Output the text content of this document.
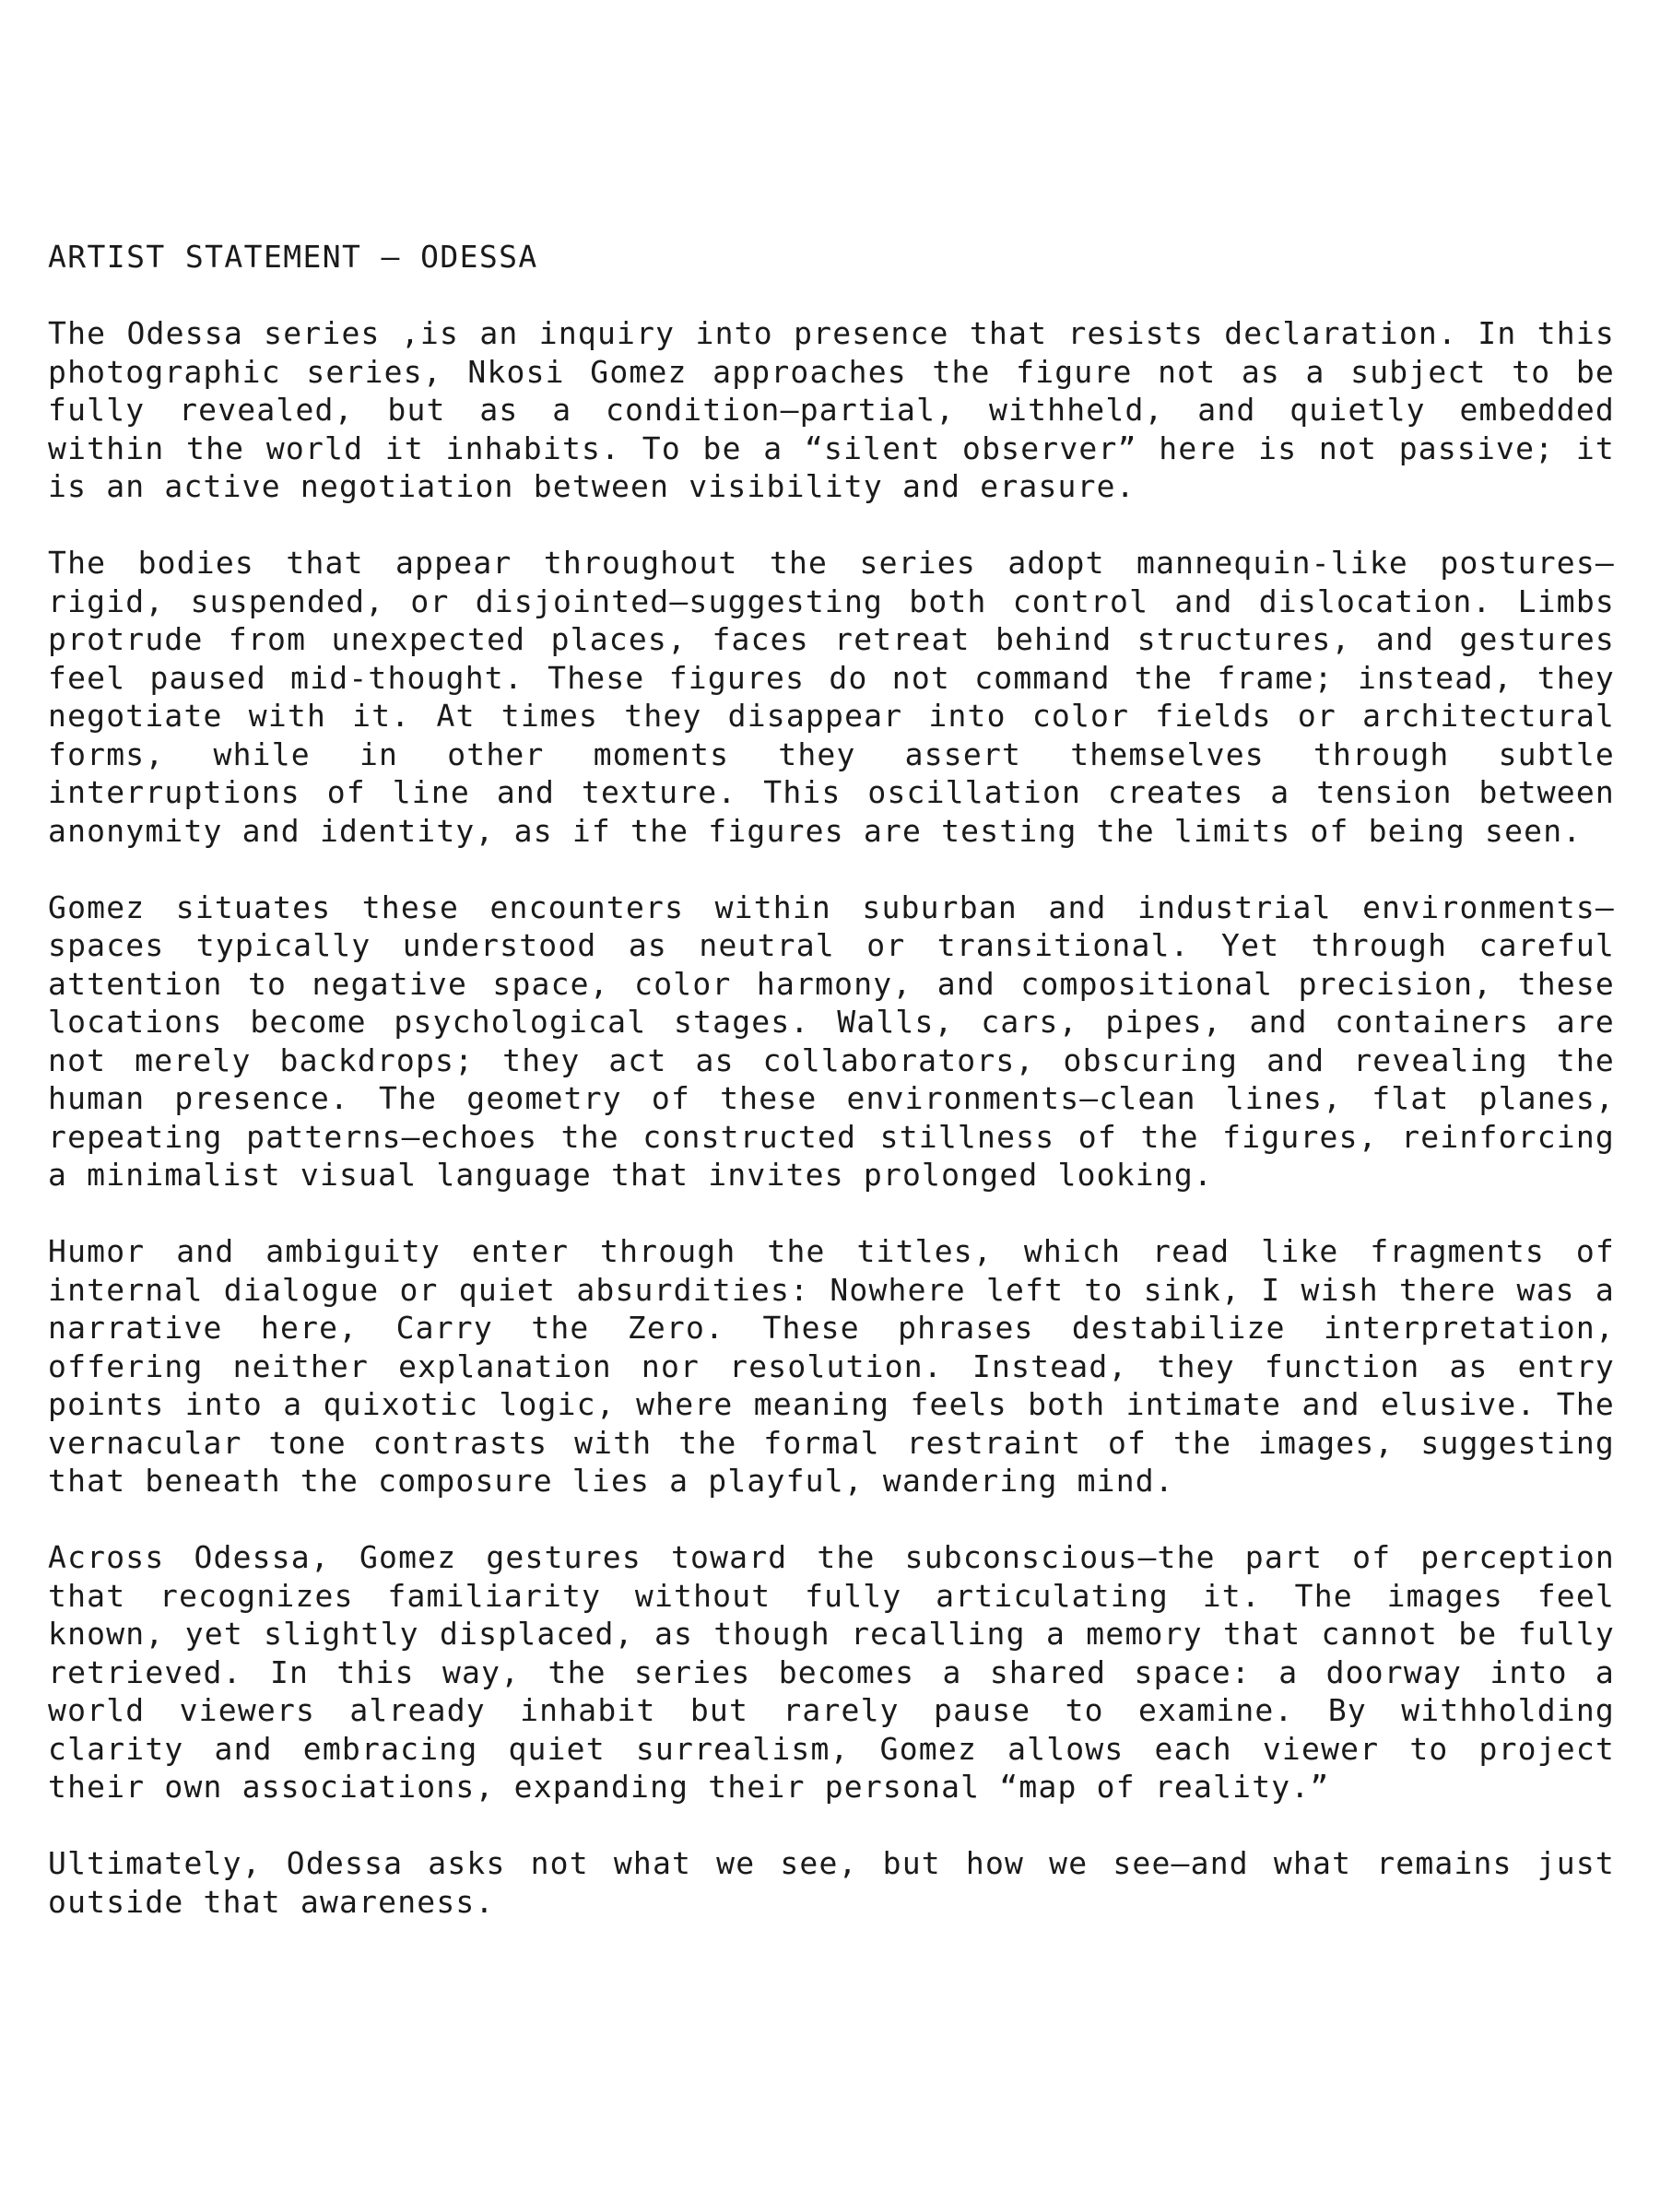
ARTIST STATEMENT — ODESSA

The Odessa series ,is an inquiry into presence that resists declaration. In this photographic series, Nkosi Gomez approaches the figure not as a subject to be fully revealed, but as a condition—partial, withheld, and quietly embedded within the world it inhabits. To be a “silent observer” here is not passive; it is an active negotiation between visibility and erasure.

The bodies that appear throughout the series adopt mannequin-like postures—rigid, suspended, or disjointed—suggesting both control and dislocation. Limbs protrude from unexpected places, faces retreat behind structures, and gestures feel paused mid-thought. These figures do not command the frame; instead, they negotiate with it. At times they disappear into color fields or architectural forms, while in other moments they assert themselves through subtle interruptions of line and texture. This oscillation creates a tension between anonymity and identity, as if the figures are testing the limits of being seen.

Gomez situates these encounters within suburban and industrial environments—spaces typically understood as neutral or transitional. Yet through careful attention to negative space, color harmony, and compositional precision, these locations become psychological stages. Walls, cars, pipes, and containers are not merely backdrops; they act as collaborators, obscuring and revealing the human presence. The geometry of these environments—clean lines, flat planes, repeating patterns—echoes the constructed stillness of the figures, reinforcing a minimalist visual language that invites prolonged looking.

Humor and ambiguity enter through the titles, which read like fragments of internal dialogue or quiet absurdities: Nowhere left to sink, I wish there was a narrative here, Carry the Zero. These phrases destabilize interpretation, offering neither explanation nor resolution. Instead, they function as entry points into a quixotic logic, where meaning feels both intimate and elusive. The vernacular tone contrasts with the formal restraint of the images, suggesting that beneath the composure lies a playful, wandering mind.

Across Odessa, Gomez gestures toward the subconscious—the part of perception that recognizes familiarity without fully articulating it. The images feel known, yet slightly displaced, as though recalling a memory that cannot be fully retrieved. In this way, the series becomes a shared space: a doorway into a world viewers already inhabit but rarely pause to examine. By withholding clarity and embracing quiet surrealism, Gomez allows each viewer to project their own associations, expanding their personal “map of reality.”

Ultimately, Odessa asks not what we see, but how we see—and what remains just outside that awareness.
